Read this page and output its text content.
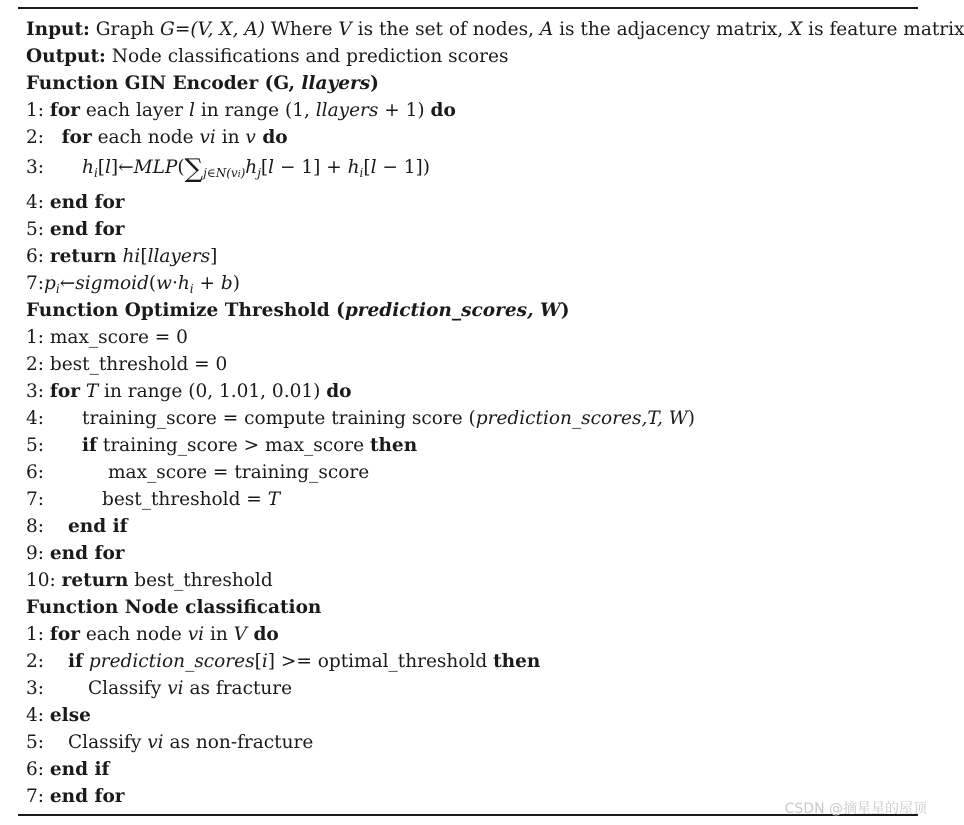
Input: Graph G=(V, X, A) Where V is the set of nodes, A is the adjacency matrix, X is feature matrix
Output: Node classifications and prediction scores
Function GIN Encoder (G, llayers)
1: for each layer l in range (1, llayers + 1) do
2:   for each node vi in v do
3: $h_i[l]\leftarrow MLP(\sum_{j\in N(vi)}h_j[l - 1] + h_i[l - 1])$
4: end for
5: end for
6: return hi[llayers]
$7:p_i\leftarrow sigmoid(w\cdot h_i + b)$
Function Optimize Threshold (prediction_scores, W)
1: max_score = 0
2: best_threshold = 0
3: for T in range (0, 1.01, 0.01) do
4: training_score = compute training score (prediction_scores,T, W)
5: if training_score > max_score then
6:	max_score = training_score
7:	best_threshold = T
8: end if
9: end for
10: return best_threshold
Function Node classification
1: for each node vi in V do
2: if prediction_scores[i] >= optimal_threshold then
3: Classify vi as fracture
4: else
5: Classify vi as non-fracture
6: end if
7: end for
CSDN @摘星星的屋顶
